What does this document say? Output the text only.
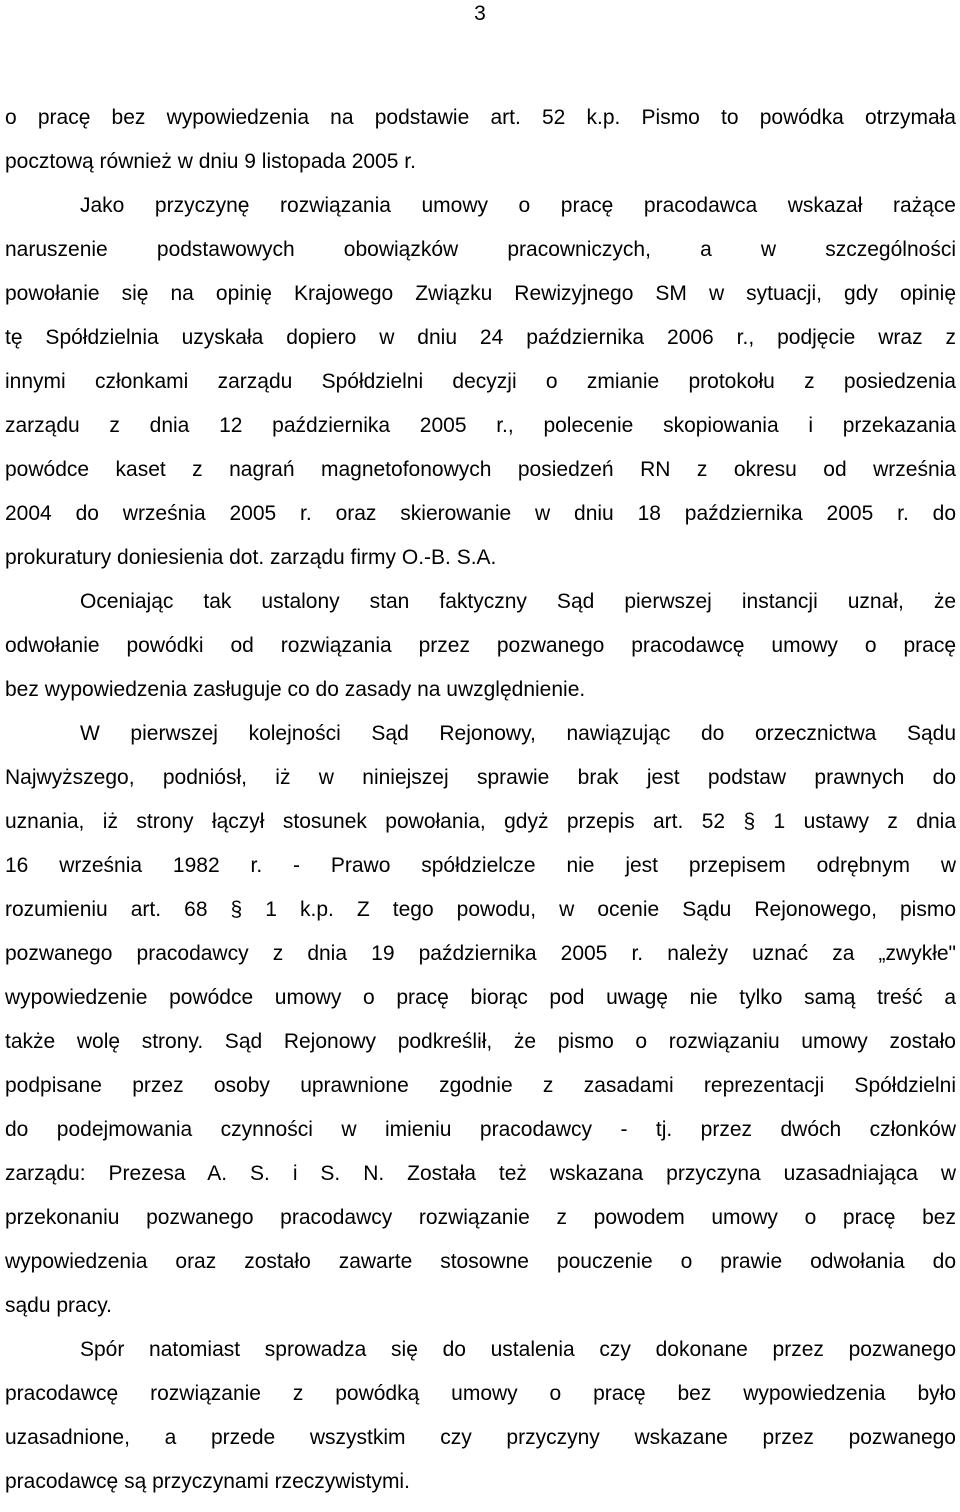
3
o pracę bez wypowiedzenia na podstawie art. 52 k.p. Pismo to powódka otrzymała
pocztową również w dniu 9 listopada 2005 r.
Jako przyczynę rozwiązania umowy o pracę pracodawca wskazał rażące
naruszenie podstawowych obowiązków pracowniczych, a w szczególności
powołanie się na opinię Krajowego Związku Rewizyjnego SM w sytuacji, gdy opinię
tę Spółdzielnia uzyskała dopiero w dniu 24 października 2006 r., podjęcie wraz z
innymi członkami zarządu Spółdzielni decyzji o zmianie protokołu z posiedzenia
zarządu z dnia 12 października 2005 r., polecenie skopiowania i przekazania
powódce kaset z nagrań magnetofonowych posiedzeń RN z okresu od września
2004 do września 2005 r. oraz skierowanie w dniu 18 października 2005 r. do
prokuratury doniesienia dot. zarządu firmy O.-B. S.A.
Oceniając tak ustalony stan faktyczny Sąd pierwszej instancji uznał, że
odwołanie powódki od rozwiązania przez pozwanego pracodawcę umowy o pracę
bez wypowiedzenia zasługuje co do zasady na uwzględnienie.
W pierwszej kolejności Sąd Rejonowy, nawiązując do orzecznictwa Sądu
Najwyższego, podniósł, iż w niniejszej sprawie brak jest podstaw prawnych do
uznania, iż strony łączył stosunek powołania, gdyż przepis art. 52 § 1 ustawy z dnia
16 września 1982 r. - Prawo spółdzielcze nie jest przepisem odrębnym w
rozumieniu art. 68 § 1 k.p. Z tego powodu, w ocenie Sądu Rejonowego, pismo
pozwanego pracodawcy z dnia 19 października 2005 r. należy uznać za „zwykłe"
wypowiedzenie powódce umowy o pracę biorąc pod uwagę nie tylko samą treść a
także wolę strony. Sąd Rejonowy podkreślił, że pismo o rozwiązaniu umowy zostało
podpisane przez osoby uprawnione zgodnie z zasadami reprezentacji Spółdzielni
do podejmowania czynności w imieniu pracodawcy - tj. przez dwóch członków
zarządu: Prezesa A. S. i S. N. Została też wskazana przyczyna uzasadniająca w
przekonaniu pozwanego pracodawcy rozwiązanie z powodem umowy o pracę bez
wypowiedzenia oraz zostało zawarte stosowne pouczenie o prawie odwołania do
sądu pracy.
Spór natomiast sprowadza się do ustalenia czy dokonane przez pozwanego
pracodawcę rozwiązanie z powódką umowy o pracę bez wypowiedzenia było
uzasadnione, a przede wszystkim czy przyczyny wskazane przez pozwanego
pracodawcę są przyczynami rzeczywistymi.
